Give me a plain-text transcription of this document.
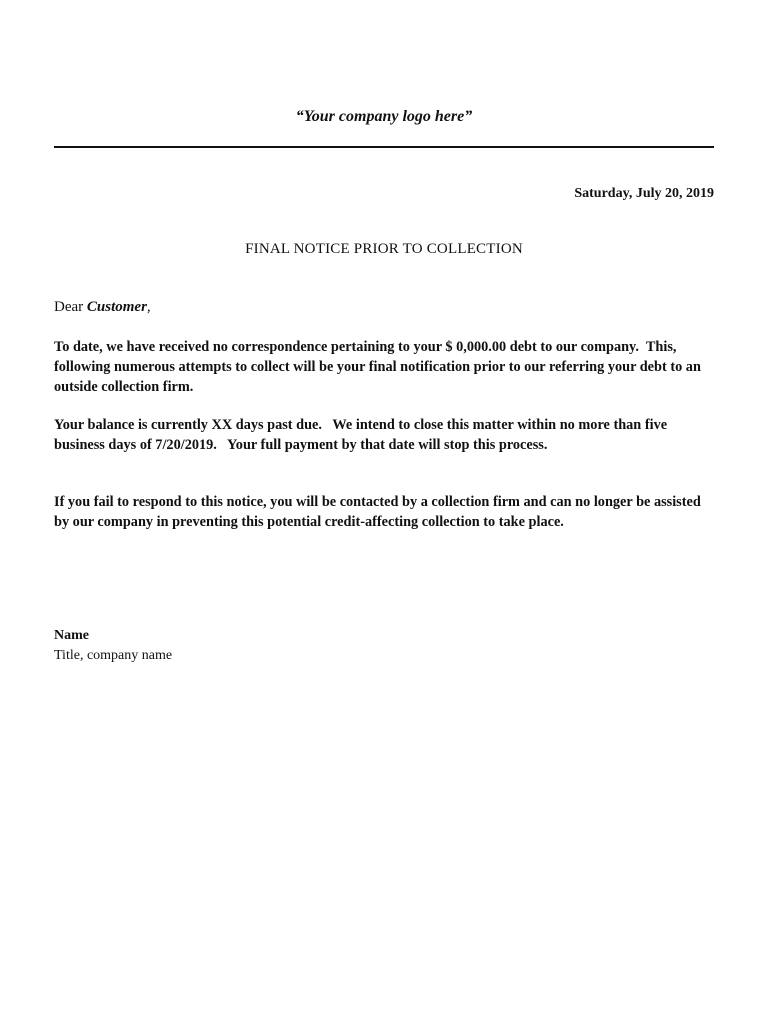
“Your company logo here”
Saturday, July 20, 2019
FINAL NOTICE PRIOR TO COLLECTION
Dear Customer,
To date, we have received no correspondence pertaining to your $ 0,000.00 debt to our company.  This, following numerous attempts to collect will be your final notification prior to our referring your debt to an outside collection firm.
Your balance is currently XX days past due.   We intend to close this matter within no more than five business days of 7/20/2019.   Your full payment by that date will stop this process.
If you fail to respond to this notice, you will be contacted by a collection firm and can no longer be assisted by our company in preventing this potential credit-affecting collection to take place.
Name
Title, company name
